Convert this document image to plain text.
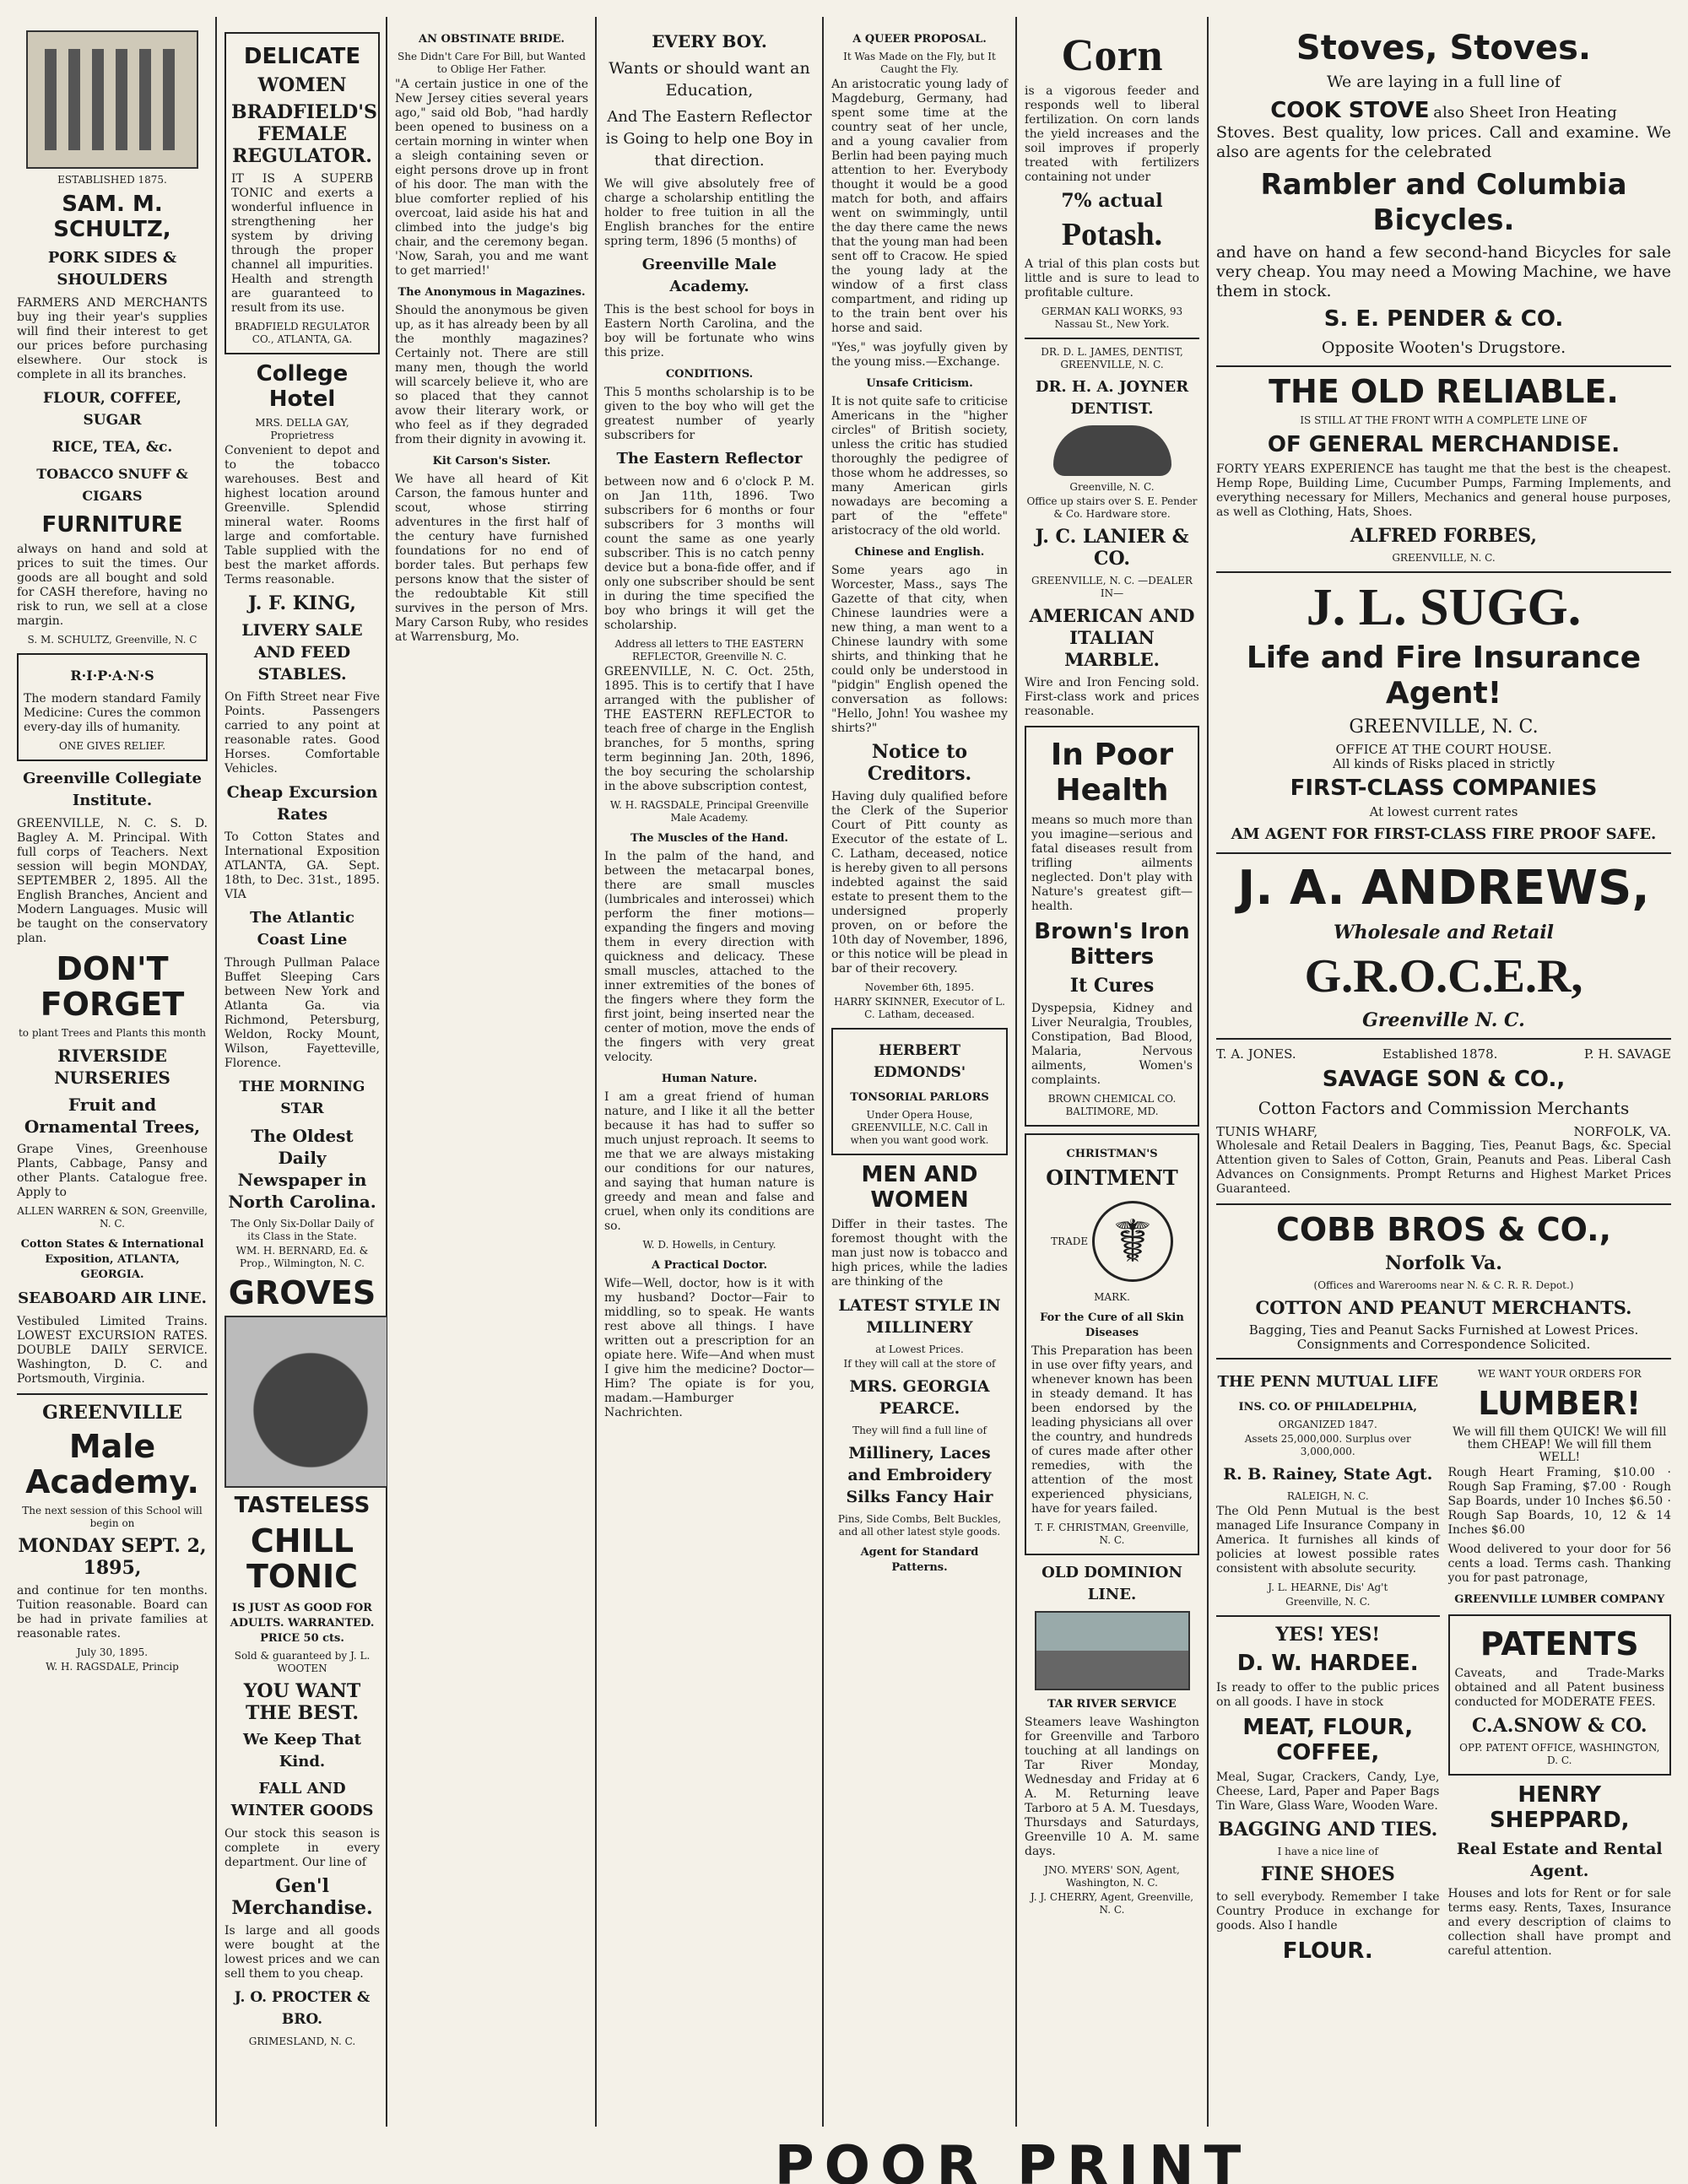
ESTABLISHED 1875.
SAM. M. SCHULTZ,
PORK SIDES & SHOULDERS

FARMERS AND MERCHANTS buy ing their year's supplies will find their interest to get our prices before purchasing elsewhere. Our stock is complete in all its branches.

FLOUR, COFFEE, SUGAR
RICE, TEA, &c.
TOBACCO SNUFF & CIGARS
FURNITURE

always on hand and sold at prices to suit the times. Our goods are all bought and sold for CASH therefore, having no risk to run, we sell at a close margin.

S. M. SCHULTZ, Greenville, N. C

R·I·P·A·N·S

The modern standard Family Medicine: Cures the common every-day ills of humanity.

ONE GIVES RELIEF.
Greenville Collegiate Institute.

GREENVILLE, N. C. S. D. Bagley A. M. Principal. With full corps of Teachers. Next session will begin MONDAY, SEPTEMBER 2, 1895. All the English Branches, Ancient and Modern Languages. Music will be taught on the conservatory plan.

DON'T FORGET
to plant Trees and Plants this month
RIVERSIDE NURSERIES
Fruit and Ornamental Trees,

Grape Vines, Greenhouse Plants, Cabbage, Pansy and other Plants. Catalogue free. Apply to

ALLEN WARREN & SON, Greenville, N. C.

Cotton States & International Exposition, ATLANTA, GEORGIA.
SEABOARD AIR LINE.

Vestibuled Limited Trains. LOWEST EXCURSION RATES. DOUBLE DAILY SERVICE. Washington, D. C. and Portsmouth, Virginia.

GREENVILLE
Male Academy.

The next session of this School will begin on

MONDAY SEPT. 2, 1895,

and continue for ten months. Tuition reasonable. Board can be had in private families at reasonable rates.

July 30, 1895.

W. H. RAGSDALE, Princip

DELICATE
WOMEN
BRADFIELD'S FEMALE REGULATOR.

IT IS A SUPERB TONIC and exerts a wonderful influence in strengthening her system by driving through the proper channel all impurities. Health and strength are guaranteed to result from its use.

BRADFIELD REGULATOR CO., ATLANTA, GA.

College Hotel
MRS. DELLA GAY, Proprietress

Convenient to depot and to the tobacco warehouses. Best and highest location around Greenville. Splendid mineral water. Rooms large and comfortable. Table supplied with the best the market affords. Terms reasonable.

J. F. KING,
LIVERY SALE AND FEED STABLES.

On Fifth Street near Five Points. Passengers carried to any point at reasonable rates. Good Horses. Comfortable Vehicles.

Cheap Excursion Rates

To Cotton States and International Exposition ATLANTA, GA. Sept. 18th, to Dec. 31st., 1895. VIA

The Atlantic Coast Line

Through Pullman Palace Buffet Sleeping Cars between New York and Atlanta Ga. via Richmond, Petersburg, Weldon, Rocky Mount, Wilson, Fayetteville, Florence.

THE MORNING STAR
The Oldest Daily Newspaper in North Carolina.

The Only Six-Dollar Daily of its Class in the State.

WM. H. BERNARD, Ed. & Prop., Wilmington, N. C.

GROVES
TASTELESS
CHILL TONIC
IS JUST AS GOOD FOR ADULTS. WARRANTED. PRICE 50 cts.

Sold & guaranteed by J. L. WOOTEN

YOU WANT THE BEST.
We Keep That Kind.
FALL AND WINTER GOODS

Our stock this season is complete in every department. Our line of

Gen'l Merchandise.

Is large and all goods were bought at the lowest prices and we can sell them to you cheap.

J. O. PROCTER & BRO.
GRIMESLAND, N. C.
AN OBSTINATE BRIDE.
She Didn't Care For Bill, but Wanted to Oblige Her Father.

"A certain justice in one of the New Jersey cities several years ago," said old Bob, "had hardly been opened to business on a certain morning in winter when a sleigh containing seven or eight persons drove up in front of his door. The man with the blue comforter replied of his overcoat, laid aside his hat and climbed into the judge's big chair, and the ceremony began. 'Now, Sarah, you and me want to get married!'

The Anonymous in Magazines.

Should the anonymous be given up, as it has already been by all the monthly magazines? Certainly not. There are still many men, though the world will scarcely believe it, who are so placed that they cannot avow their literary work, or who feel as if they degraded from their dignity in avowing it.

Kit Carson's Sister.

We have all heard of Kit Carson, the famous hunter and scout, whose stirring adventures in the first half of the century have furnished foundations for no end of border tales. But perhaps few persons know that the sister of the redoubtable Kit still survives in the person of Mrs. Mary Carson Ruby, who resides at Warrensburg, Mo.

EVERY BOY.
Wants or should want an Education,
And The Eastern Reflector is Going to help one Boy in that direction.

We will give absolutely free of charge a scholarship entitling the holder to free tuition in all the English branches for the entire spring term, 1896 (5 months) of

Greenville Male Academy.

This is the best school for boys in Eastern North Carolina, and the boy will be fortunate who wins this prize.

CONDITIONS.

This 5 months scholarship is to be given to the boy who will get the greatest number of yearly subscribers for

The Eastern Reflector

between now and 6 o'clock P. M. on Jan 11th, 1896. Two subscribers for 6 months or four subscribers for 3 months will count the same as one yearly subscriber. This is no catch penny device but a bona-fide offer, and if only one subscriber should be sent in during the time specified the boy who brings it will get the scholarship.

Address all letters to THE EASTERN REFLECTOR, Greenville N. C.

GREENVILLE, N. C. Oct. 25th, 1895. This is to certify that I have arranged with the publisher of THE EASTERN REFLECTOR to teach free of charge in the English branches, for 5 months, spring term beginning Jan. 20th, 1896, the boy securing the scholarship in the above subscription contest,

W. H. RAGSDALE, Principal Greenville Male Academy.

The Muscles of the Hand.

In the palm of the hand, and between the metacarpal bones, there are small muscles (lumbricales and interossei) which perform the finer motions—expanding the fingers and moving them in every direction with quickness and delicacy. These small muscles, attached to the inner extremities of the bones of the fingers where they form the first joint, being inserted near the center of motion, move the ends of the fingers with very great velocity.

Human Nature.

I am a great friend of human nature, and I like it all the better because it has had to suffer so much unjust reproach. It seems to me that we are always mistaking our conditions for our natures, and saying that human nature is greedy and mean and false and cruel, when only its conditions are so.

W. D. Howells, in Century.

A Practical Doctor.

Wife—Well, doctor, how is it with my husband? Doctor—Fair to middling, so to speak. He wants rest above all things. I have written out a prescription for an opiate here. Wife—And when must I give him the medicine? Doctor—Him? The opiate is for you, madam.—Hamburger Nachrichten.

A QUEER PROPOSAL.
It Was Made on the Fly, but It Caught the Fly.

An aristocratic young lady of Magdeburg, Germany, had spent some time at the country seat of her uncle, and a young cavalier from Berlin had been paying much attention to her. Everybody thought it would be a good match for both, and affairs went on swimmingly, until the day there came the news that the young man had been sent off to Cracow. He spied the young lady at the window of a first class compartment, and riding up to the train bent over his horse and said.

"Yes," was joyfully given by the young miss.—Exchange.

Unsafe Criticism.

It is not quite safe to criticise Americans in the "higher circles" of British society, unless the critic has studied thoroughly the pedigree of those whom he addresses, so many American girls nowadays are becoming a part of the "effete" aristocracy of the old world.

Chinese and English.

Some years ago in Worcester, Mass., says The Gazette of that city, when Chinese laundries were a new thing, a man went to a Chinese laundry with some shirts, and thinking that he could only be understood in "pidgin" English opened the conversation as follows: "Hello, John! You washee my shirts?"

Notice to Creditors.

Having duly qualified before the Clerk of the Superior Court of Pitt county as Executor of the estate of L. C. Latham, deceased, notice is hereby given to all persons indebted against the said estate to present them to the undersigned properly proven, on or before the 10th day of November, 1896, or this notice will be plead in bar of their recovery.

November 6th, 1895.

HARRY SKINNER, Executor of L. C. Latham, deceased.

HERBERT EDMONDS'
TONSORIAL PARLORS

Under Opera House, GREENVILLE, N.C. Call in when you want good work.

MEN AND WOMEN

Differ in their tastes. The foremost thought with the man just now is tobacco and high prices, while the ladies are thinking of the

LATEST STYLE IN MILLINERY
at Lowest Prices.
If they will call at the store of
MRS. GEORGIA PEARCE.
They will find a full line of
Millinery, Laces and Embroidery Silks Fancy Hair

Pins, Side Combs, Belt Buckles, and all other latest style goods.

Agent for Standard Patterns.
Corn

is a vigorous feeder and responds well to liberal fertilization. On corn lands the yield increases and the soil improves if properly treated with fertilizers containing not under

7% actual
Potash.

A trial of this plan costs but little and is sure to lead to profitable culture.

GERMAN KALI WORKS, 93 Nassau St., New York.

DR. D. L. JAMES, DENTIST, GREENVILLE, N. C.

DR. H. A. JOYNER DENTIST.
Greenville, N. C.

Office up stairs over S. E. Pender & Co. Hardware store.

J. C. LANIER & CO.
GREENVILLE, N. C. —DEALER IN—
AMERICAN AND ITALIAN MARBLE.

Wire and Iron Fencing sold. First-class work and prices reasonable.

In Poor Health

means so much more than you imagine—serious and fatal diseases result from trifling ailments neglected. Don't play with Nature's greatest gift—health.

Brown's Iron Bitters
It Cures

Dyspepsia, Kidney and Liver Neuralgia, Troubles, Constipation, Bad Blood, Malaria, Nervous ailments, Women's complaints.

BROWN CHEMICAL CO. BALTIMORE, MD.

CHRISTMAN'S
OINTMENT
TRADE ☤ MARK.
For the Cure of all Skin Diseases

This Preparation has been in use over fifty years, and whenever known has been in steady demand. It has been endorsed by the leading physicians all over the country, and hundreds of cures made after other remedies, with the attention of the most experienced physicians, have for years failed.

T. F. CHRISTMAN, Greenville, N. C.

OLD DOMINION LINE.
TAR RIVER SERVICE

Steamers leave Washington for Greenville and Tarboro touching at all landings on Tar River Monday, Wednesday and Friday at 6 A. M. Returning leave Tarboro at 5 A. M. Tuesdays, Thursdays and Saturdays, Greenville 10 A. M. same days.

JNO. MYERS' SON, Agent, Washington, N. C.

J. J. CHERRY, Agent, Greenville, N. C.

Stoves, Stoves.
We are laying in a full line of
COOK STOVE also Sheet Iron Heating

Stoves. Best quality, low prices. Call and examine. We also are agents for the celebrated

Rambler and Columbia Bicycles.

and have on hand a few second-hand Bicycles for sale very cheap. You may need a Mowing Machine, we have them in stock.

S. E. PENDER & CO.
Opposite Wooten's Drugstore.
THE OLD RELIABLE.
IS STILL AT THE FRONT WITH A COMPLETE LINE OF
OF GENERAL MERCHANDISE.

FORTY YEARS EXPERIENCE has taught me that the best is the cheapest. Hemp Rope, Building Lime, Cucumber Pumps, Farming Implements, and everything necessary for Millers, Mechanics and general house purposes, as well as Clothing, Hats, Shoes.

ALFRED FORBES,
GREENVILLE, N. C.
J. L. SUGG.
Life and Fire Insurance Agent!
GREENVILLE, N. C.
OFFICE AT THE COURT HOUSE.
All kinds of Risks placed in strictly
FIRST-CLASS COMPANIES
At lowest current rates
AM AGENT FOR FIRST-CLASS FIRE PROOF SAFE.
J. A. ANDREWS,
Wholesale and Retail
G.R.O.C.E.R,
Greenville N. C.
T. A. JONES.	Established 1878.	P. H. SAVAGE
SAVAGE SON & CO.,
Cotton Factors and Commission Merchants
TUNIS WHARF,	NORFOLK, VA.

Wholesale and Retail Dealers in Bagging, Ties, Peanut Bags, &c. Special Attention given to Sales of Cotton, Grain, Peanuts and Peas. Liberal Cash Advances on Consignments. Prompt Returns and Highest Market Prices Guaranteed.

COBB BROS & CO.,
Norfolk Va.
(Offices and Warerooms near N. & C. R. R. Depot.)
COTTON AND PEANUT MERCHANTS.
Bagging, Ties and Peanut Sacks Furnished at Lowest Prices.
Consignments and Correspondence Solicited.
THE PENN MUTUAL LIFE
INS. CO. OF PHILADELPHIA,
ORGANIZED 1847.
Assets 25,000,000. Surplus over 3,000,000.
R. B. Rainey, State Agt.
RALEIGH, N. C.

The Old Penn Mutual is the best managed Life Insurance Company in America. It furnishes all kinds of policies at lowest possible rates consistent with absolute security.

J. L. HEARNE, Dis' Ag't
Greenville, N. C.
YES! YES!
D. W. HARDEE.

Is ready to offer to the public prices on all goods. I have in stock

MEAT, FLOUR, COFFEE,

Meal, Sugar, Crackers, Candy, Lye, Cheese, Lard, Paper and Paper Bags Tin Ware, Glass Ware, Wooden Ware.

BAGGING AND TIES.
I have a nice line of
FINE SHOES

to sell everybody. Remember I take Country Produce in exchange for goods. Also I handle

FLOUR.
WE WANT YOUR ORDERS FOR
LUMBER!

We will fill them QUICK! We will fill them CHEAP! We will fill them WELL!

Rough Heart Framing, $10.00 · Rough Sap Framing, $7.00 · Rough Sap Boards, under 10 Inches $6.50 · Rough Sap Boards, 10, 12 & 14 Inches $6.00

Wood delivered to your door for 56 cents a load. Terms cash. Thanking you for past patronage,

GREENVILLE LUMBER COMPANY
PATENTS

Caveats, and Trade-Marks obtained and all Patent business conducted for MODERATE FEES.

C.A.SNOW & CO.
OPP. PATENT OFFICE, WASHINGTON, D. C.
HENRY SHEPPARD,
Real Estate and Rental Agent.

Houses and lots for Rent or for sale terms easy. Rents, Taxes, Insurance and every description of claims to collection shall have prompt and careful attention.

POOR PRINT
